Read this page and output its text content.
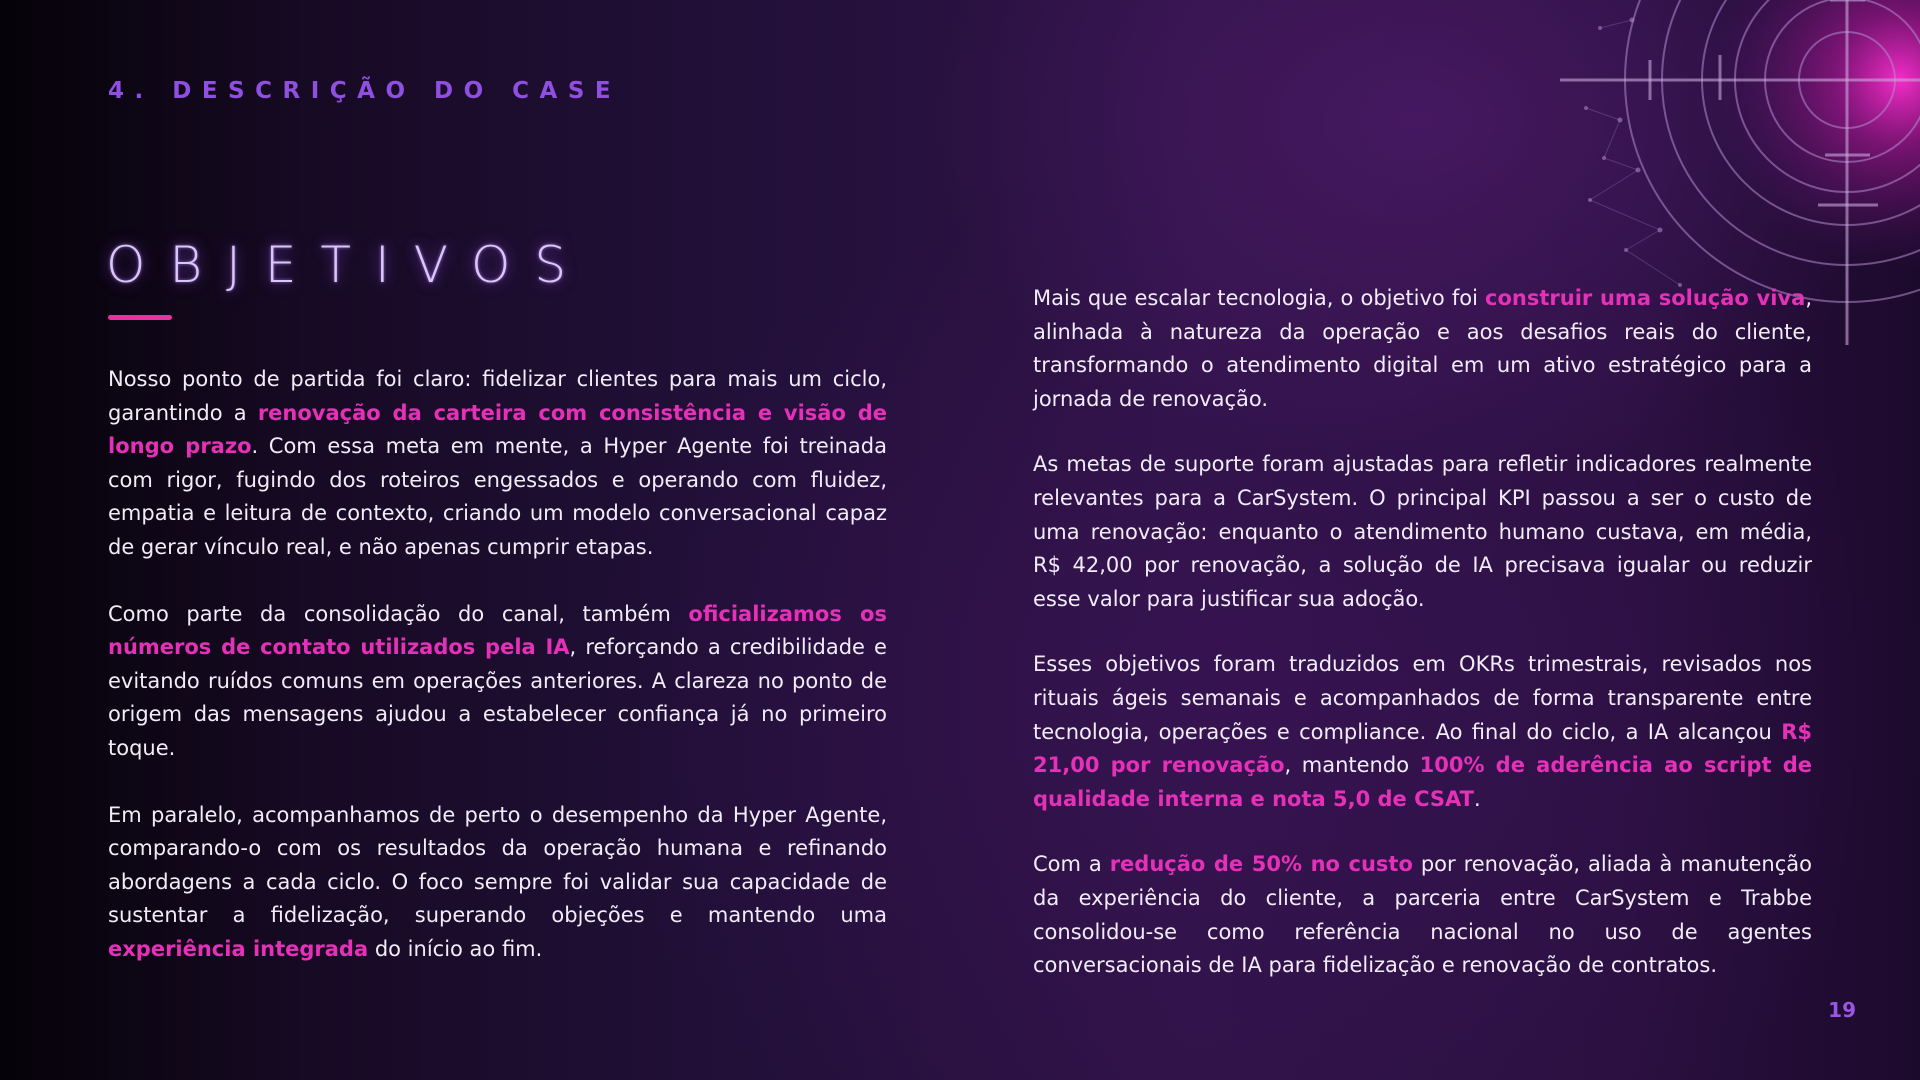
4. DESCRIÇÃO DO CASE
OBJETIVOS

Nosso ponto de partida foi claro: fidelizar clientes para mais um ciclo, garantindo a renovação da carteira com consistência e visão de longo prazo. Com essa meta em mente, a Hyper Agente foi treinada com rigor, fugindo dos roteiros engessados e operando com fluidez, empatia e leitura de contexto, criando um modelo conversacional capaz de gerar vínculo real, e não apenas cumprir etapas.

Como parte da consolidação do canal, também oficializamos os números de contato utilizados pela IA, reforçando a credibilidade e evitando ruídos comuns em operações anteriores. A clareza no ponto de origem das mensagens ajudou a estabelecer confiança já no primeiro toque.

Em paralelo, acompanhamos de perto o desempenho da Hyper Agente, comparando-o com os resultados da operação humana e refinando abordagens a cada ciclo. O foco sempre foi validar sua capacidade de sustentar a fidelização, superando objeções e mantendo uma experiência integrada do início ao fim.

Mais que escalar tecnologia, o objetivo foi construir uma solução viva, alinhada à natureza da operação e aos desafios reais do cliente, transformando o atendimento digital em um ativo estratégico para a jornada de renovação.

As metas de suporte foram ajustadas para refletir indicadores realmente relevantes para a CarSystem. O principal KPI passou a ser o custo de uma renovação: enquanto o atendimento humano custava, em média, R$ 42,00 por renovação, a solução de IA precisava igualar ou reduzir esse valor para justificar sua adoção.

Esses objetivos foram traduzidos em OKRs trimestrais, revisados nos rituais ágeis semanais e acompanhados de forma transparente entre tecnologia, operações e compliance. Ao final do ciclo, a IA alcançou R$ 21,00 por renovação, mantendo 100% de aderência ao script de qualidade interna e nota 5,0 de CSAT.

Com a redução de 50% no custo por renovação, aliada à manutenção da experiência do cliente, a parceria entre CarSystem e Trabbe consolidou-se como referência nacional no uso de agentes conversacionais de IA para fidelização e renovação de contratos.

19
